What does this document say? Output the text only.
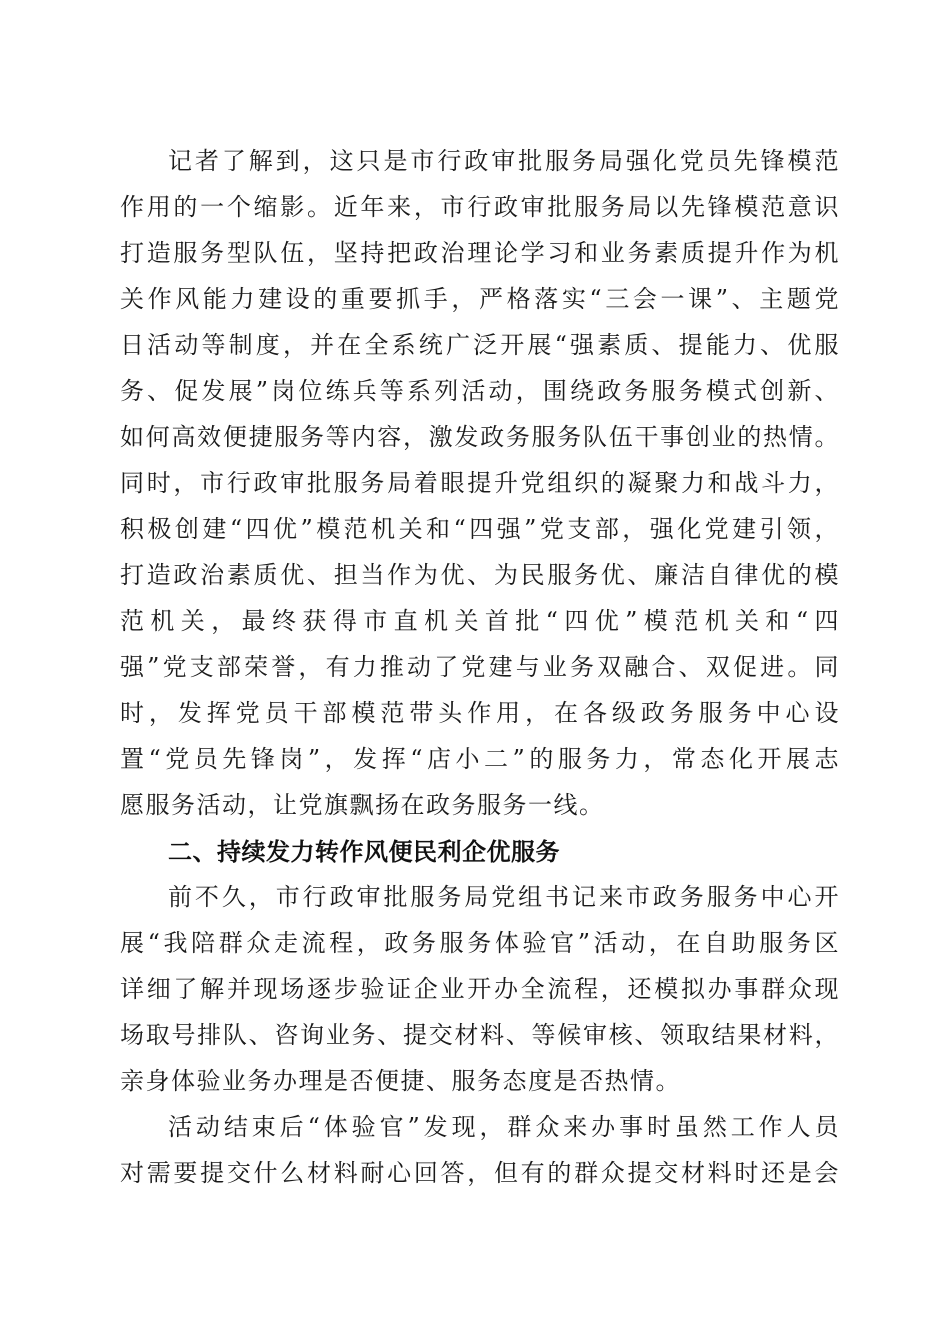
记者了解到，这只是市行政审批服务局强化党员先锋模范
作用的一个缩影。近年来，市行政审批服务局以先锋模范意识
打造服务型队伍，坚持把政治理论学习和业务素质提升作为机
关作风能力建设的重要抓手，严格落实“三会一课”、主题党
日活动等制度，并在全系统广泛开展“强素质、提能力、优服
务、促发展”岗位练兵等系列活动，围绕政务服务模式创新、
如何高效便捷服务等内容，激发政务服务队伍干事创业的热情。
同时，市行政审批服务局着眼提升党组织的凝聚力和战斗力，
积极创建“四优”模范机关和“四强”党支部，强化党建引领，
打造政治素质优、担当作为优、为民服务优、廉洁自律优的模
范机关，最终获得市直机关首批“四优”模范机关和“四
强”党支部荣誉，有力推动了党建与业务双融合、双促进。同
时，发挥党员干部模范带头作用，在各级政务服务中心设
置“党员先锋岗”，发挥“店小二”的服务力，常态化开展志
愿服务活动，让党旗飘扬在政务服务一线。
二、持续发力转作风便民利企优服务
前不久，市行政审批服务局党组书记来市政务服务中心开
展“我陪群众走流程，政务服务体验官”活动，在自助服务区
详细了解并现场逐步验证企业开办全流程，还模拟办事群众现
场取号排队、咨询业务、提交材料、等候审核、领取结果材料，
亲身体验业务办理是否便捷、服务态度是否热情。
活动结束后“体验官”发现，群众来办事时虽然工作人员
对需要提交什么材料耐心回答，但有的群众提交材料时还是会
